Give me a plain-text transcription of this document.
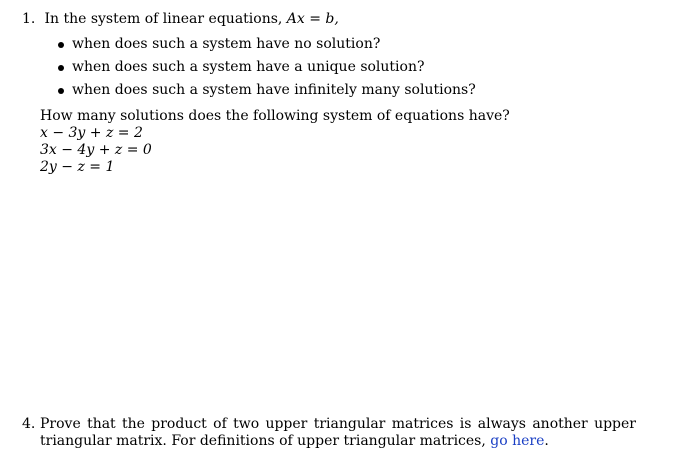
1. In the system of linear equations, Ax = b,
when does such a system have no solution?
when does such a system have a unique solution?
when does such a system have infinitely many solutions?
How many solutions does the following system of equations have?
x − 3y + z = 2
3x − 4y + z = 0
2y − z = 1
4. Prove that the product of two upper triangular matrices is always another upper triangular matrix. For definitions of upper triangular matrices, go here.
